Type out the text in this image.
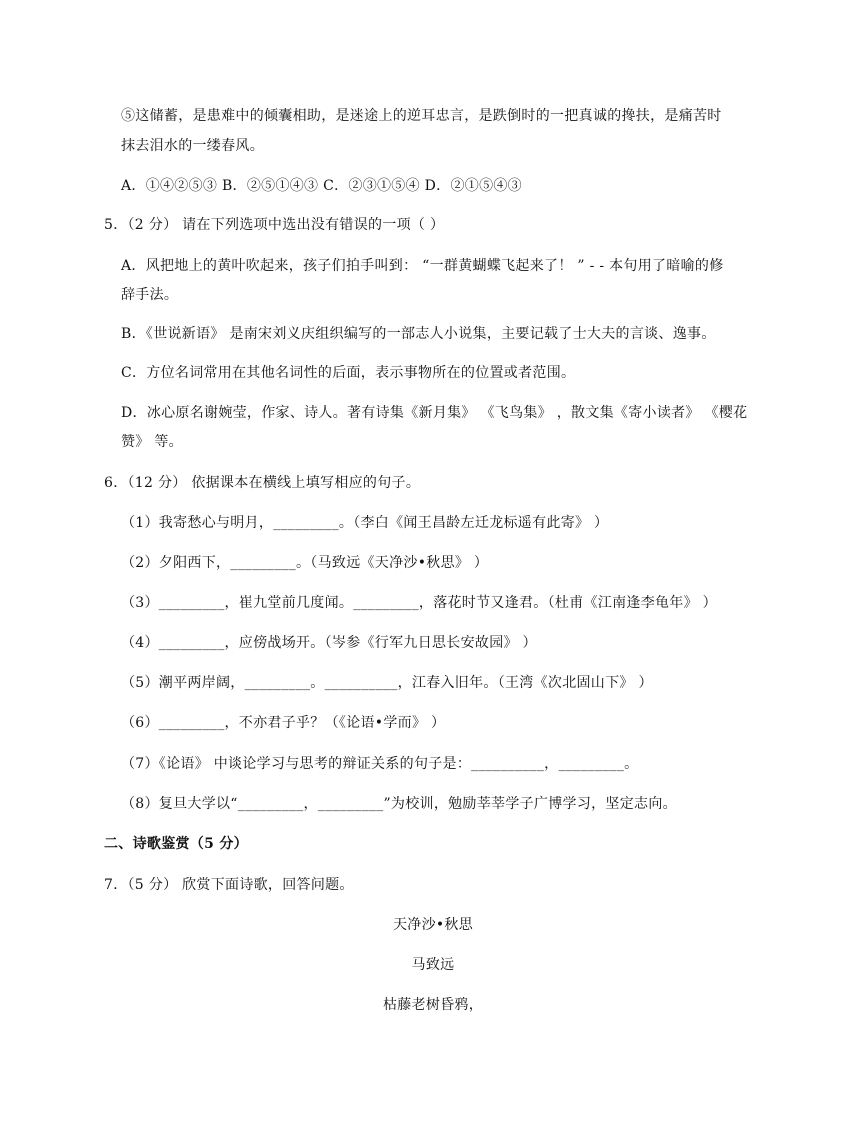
⑤这储蓄，是患难中的倾囊相助，是迷途上的逆耳忠言，是跌倒时的一把真诚的搀扶，是痛苦时
抹去泪水的一缕春风。
A．①④②⑤③ B．②⑤①④③ C．②③①⑤④ D．②①⑤④③
5．（2 分） 请在下列选项中选出没有错误的一项（ ）
A．风把地上的黄叶吹起来，孩子们拍手叫到： “一群黄蝴蝶飞起来了！ ” - - 本句用了暗喻的修
辞手法。
B．《世说新语》 是南宋刘义庆组织编写的一部志人小说集，主要记载了士大夫的言谈、逸事。
C．方位名词常用在其他名词性的后面，表示事物所在的位置或者范围。
D．冰心原名谢婉莹，作家、诗人。著有诗集《新月集》 《飞鸟集》 ，散文集《寄小读者》 《樱花
赞》 等。
6．（12 分） 依据课本在横线上填写相应的句子。
（1）我寄愁心与明月，_________。（李白《闻王昌龄左迁龙标遥有此寄》 ）
（2）夕阳西下，_________。（马致远《天净沙•秋思》 ）
（3）_________，崔九堂前几度闻。_________，落花时节又逢君。（杜甫《江南逢李龟年》 ）
（4）_________，应傍战场开。（岑参《行军九日思长安故园》 ）
（5）潮平两岸阔，_________。__________，江春入旧年。（王湾《次北固山下》 ）
（6）_________，不亦君子乎？（《论语•学而》 ）
（7）《论语》 中谈论学习与思考的辩证关系的句子是：__________，_________。
（8）复旦大学以“_________，_________”为校训，勉励莘莘学子广博学习，坚定志向。
二、诗歌鉴赏（5 分）
7．（5 分） 欣赏下面诗歌，回答问题。
天净沙•秋思
马致远
枯藤老树昏鸦，
